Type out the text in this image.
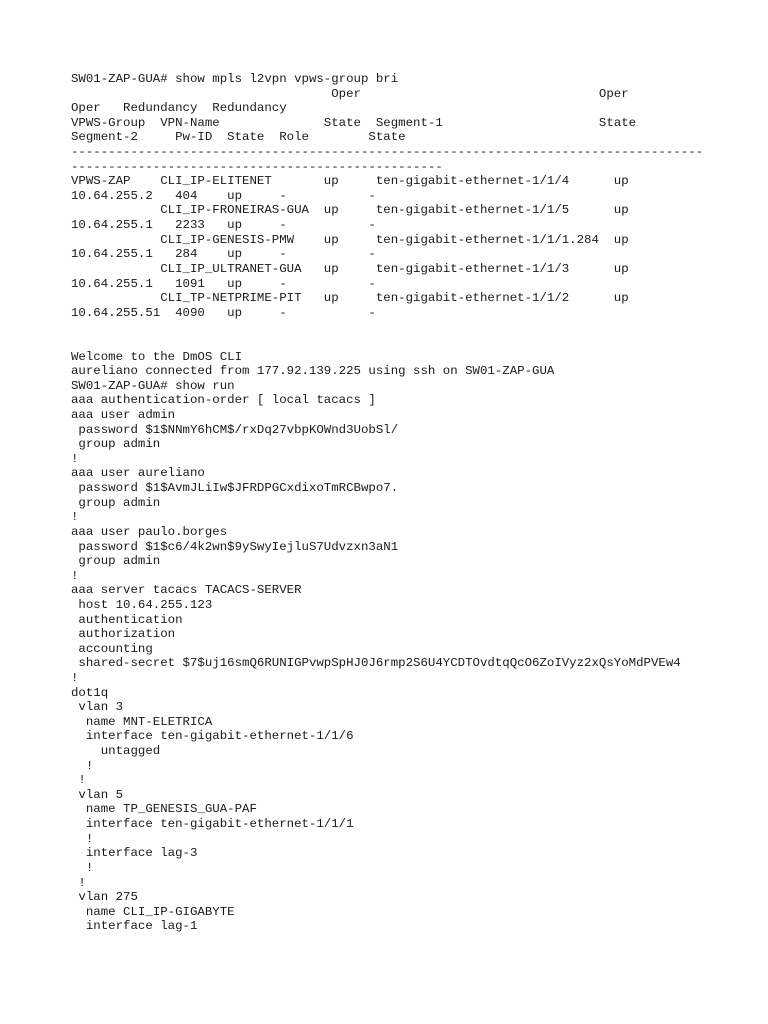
SW01-ZAP-GUA# show mpls l2vpn vpws-group bri
Oper                                Oper
Oper   Redundancy  Redundancy
VPWS-Group  VPN-Name              State  Segment-1                     State
Segment-2     Pw-ID  State  Role        State
-------------------------------------------------------------------------------------
--------------------------------------------------
VPWS-ZAP    CLI_IP-ELITENET       up     ten-gigabit-ethernet-1/1/4      up
10.64.255.2   404    up     -           -
CLI_IP-FRONEIRAS-GUA  up     ten-gigabit-ethernet-1/1/5      up
10.64.255.1   2233   up     -           -
CLI_IP-GENESIS-PMW    up     ten-gigabit-ethernet-1/1/1.284  up
10.64.255.1   284    up     -           -
CLI_IP_ULTRANET-GUA   up     ten-gigabit-ethernet-1/1/3      up
10.64.255.1   1091   up     -           -
CLI_TP-NETPRIME-PIT   up     ten-gigabit-ethernet-1/1/2      up
10.64.255.51  4090   up     -           -
Welcome to the DmOS CLI
aureliano connected from 177.92.139.225 using ssh on SW01-ZAP-GUA
SW01-ZAP-GUA# show run
aaa authentication-order [ local tacacs ]
aaa user admin
password $1$NNmY6hCM$/rxDq27vbpKOWnd3UobSl/
group admin
!
aaa user aureliano
password $1$AvmJLiIw$JFRDPGCxdixoTmRCBwpo7.
group admin
!
aaa user paulo.borges
password $1$c6/4k2wn$9ySwyIejluS7Udvzxn3aN1
group admin
!
aaa server tacacs TACACS-SERVER
host 10.64.255.123
authentication
authorization
accounting
shared-secret $7$uj16smQ6RUNIGPvwpSpHJ0J6rmp2S6U4YCDTOvdtqQcO6ZoIVyz2xQsYoMdPVEw4
!
dot1q
vlan 3
name MNT-ELETRICA
interface ten-gigabit-ethernet-1/1/6
untagged
!
!
vlan 5
name TP_GENESIS_GUA-PAF
interface ten-gigabit-ethernet-1/1/1
!
interface lag-3
!
!
vlan 275
name CLI_IP-GIGABYTE
interface lag-1
